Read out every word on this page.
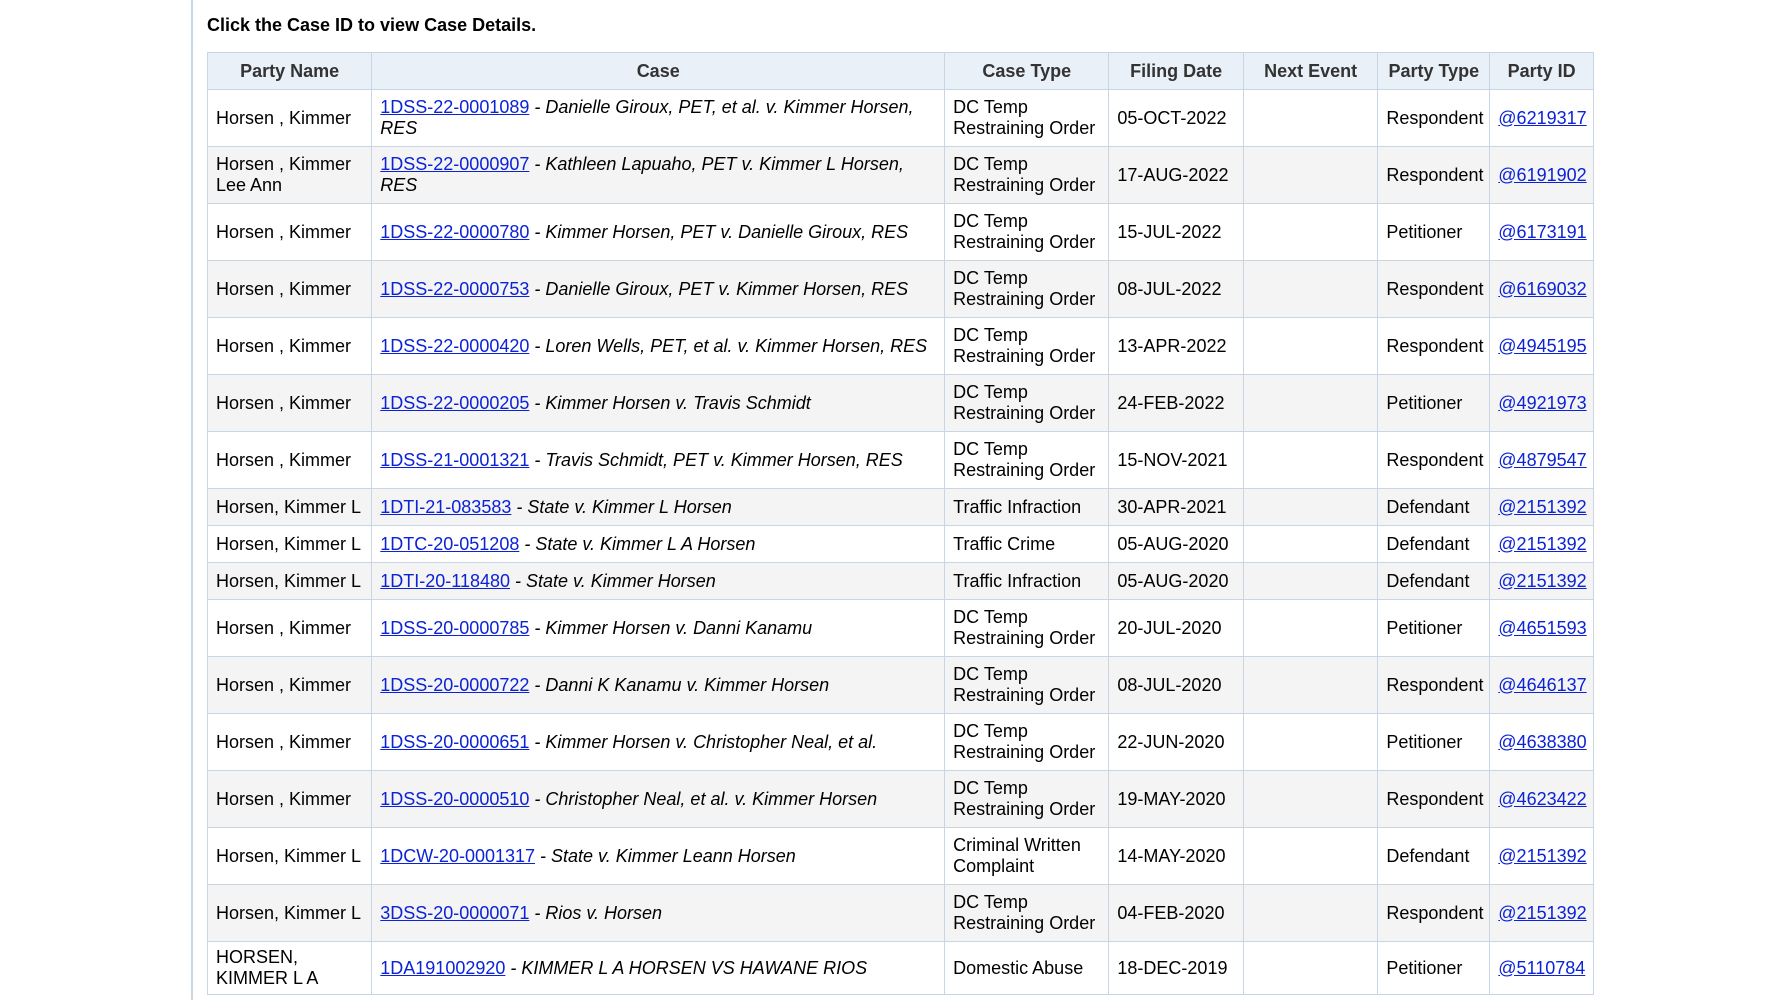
Click the Case ID to view Case Details.

Party Name	Case	Case Type	Filing Date	Next Event	Party Type	Party ID
Horsen , Kimmer	1DSS-22-0001089 - Danielle Giroux, PET, et al. v. Kimmer Horsen, RES	DC Temp Restraining Order	05-OCT-2022		Respondent	@6219317
Horsen , Kimmer Lee Ann	1DSS-22-0000907 - Kathleen Lapuaho, PET v. Kimmer L Horsen, RES	DC Temp Restraining Order	17-AUG-2022		Respondent	@6191902
Horsen , Kimmer	1DSS-22-0000780 - Kimmer Horsen, PET v. Danielle Giroux, RES	DC Temp Restraining Order	15-JUL-2022		Petitioner	@6173191
Horsen , Kimmer	1DSS-22-0000753 - Danielle Giroux, PET v. Kimmer Horsen, RES	DC Temp Restraining Order	08-JUL-2022		Respondent	@6169032
Horsen , Kimmer	1DSS-22-0000420 - Loren Wells, PET, et al. v. Kimmer Horsen, RES	DC Temp Restraining Order	13-APR-2022		Respondent	@4945195
Horsen , Kimmer	1DSS-22-0000205 - Kimmer Horsen v. Travis Schmidt	DC Temp Restraining Order	24-FEB-2022		Petitioner	@4921973
Horsen , Kimmer	1DSS-21-0001321 - Travis Schmidt, PET v. Kimmer Horsen, RES	DC Temp Restraining Order	15-NOV-2021		Respondent	@4879547
Horsen, Kimmer L	1DTI-21-083583 - State v. Kimmer L Horsen	Traffic Infraction	30-APR-2021		Defendant	@2151392
Horsen, Kimmer L	1DTC-20-051208 - State v. Kimmer L A Horsen	Traffic Crime	05-AUG-2020		Defendant	@2151392
Horsen, Kimmer L	1DTI-20-118480 - State v. Kimmer Horsen	Traffic Infraction	05-AUG-2020		Defendant	@2151392
Horsen , Kimmer	1DSS-20-0000785 - Kimmer Horsen v. Danni Kanamu	DC Temp Restraining Order	20-JUL-2020		Petitioner	@4651593
Horsen , Kimmer	1DSS-20-0000722 - Danni K Kanamu v. Kimmer Horsen	DC Temp Restraining Order	08-JUL-2020		Respondent	@4646137
Horsen , Kimmer	1DSS-20-0000651 - Kimmer Horsen v. Christopher Neal, et al.	DC Temp Restraining Order	22-JUN-2020		Petitioner	@4638380
Horsen , Kimmer	1DSS-20-0000510 - Christopher Neal, et al. v. Kimmer Horsen	DC Temp Restraining Order	19-MAY-2020		Respondent	@4623422
Horsen, Kimmer L	1DCW-20-0001317 - State v. Kimmer Leann Horsen	Criminal Written Complaint	14-MAY-2020		Defendant	@2151392
Horsen, Kimmer L	3DSS-20-0000071 - Rios v. Horsen	DC Temp Restraining Order	04-FEB-2020		Respondent	@2151392
HORSEN, KIMMER L A	1DA191002920 - KIMMER L A HORSEN VS HAWANE RIOS	Domestic Abuse	18-DEC-2019		Petitioner	@5110784
